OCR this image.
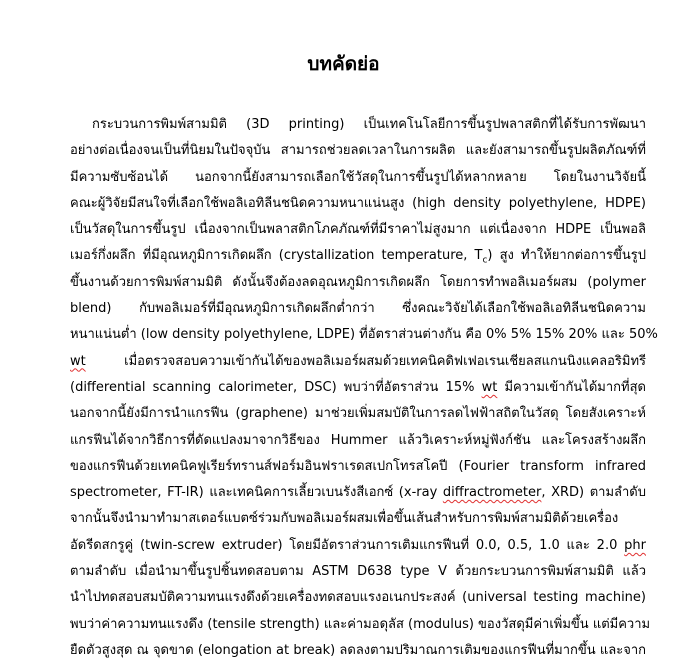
บทคัดย่อ
กระบวนการพิมพ์สามมิติ (3D printing) เป็นเทคโนโลยีการขึ้นรูปพลาสติกที่ได้รับการพัฒนา
อย่างต่อเนื่องจนเป็นที่นิยมในปัจจุบัน สามารถช่วยลดเวลาในการผลิต และยังสามารถขึ้นรูปผลิตภัณฑ์ที่
มีความซับซ้อนได้ นอกจากนี้ยังสามารถเลือกใช้วัสดุในการขึ้นรูปได้หลากหลาย โดยในงานวิจัยนี้
คณะผู้วิจัยมีสนใจที่เลือกใช้พอลิเอทิลีนชนิดความหนาแน่นสูง (high density polyethylene, HDPE)
เป็นวัสดุในการขึ้นรูป เนื่องจากเป็นพลาสติกโภคภัณฑ์ที่มีราคาไม่สูงมาก แต่เนื่องจาก HDPE เป็นพอลิ
เมอร์กึ่งผลึก ที่มีอุณหภูมิการเกิดผลึก (crystallization temperature, $T_c$) สูง ทำให้ยากต่อการขึ้นรูป
ขึ้นงานด้วยการพิมพ์สามมิติ ดังนั้นจึงต้องลดอุณหภูมิการเกิดผลึก โดยการทำพอลิเมอร์ผสม (polymer
blend) กับพอลิเมอร์ที่มีอุณหภูมิการเกิดผลึกต่ำกว่า ซึ่งคณะวิจัยได้เลือกใช้พอลิเอทิลีนชนิดความ
หนาแน่นต่ำ (low density polyethylene, LDPE) ที่อัตราส่วนต่างกัน คือ 0% 5% 15% 20% และ 50%
wt	เมื่อตรวจสอบความเข้ากันได้ของพอลิเมอร์ผสมด้วยเทคนิคดิฟเฟอเรนเชียลสแกนนิงแคลอริมิทรี
(differential scanning calorimeter, DSC) พบว่าที่อัตราส่วน 15% wt มีความเข้ากันได้มากที่สุด
นอกจากนี้ยังมีการนำแกรฟีน (graphene) มาช่วยเพิ่มสมบัติในการลดไฟฟ้าสถิตในวัสดุ โดยสังเคราะห์
แกรฟีนได้จากวิธีการที่ดัดแปลงมาจากวิธีของ Hummer แล้ววิเคราะห์หมู่ฟังก์ชัน และโครงสร้างผลึก
ของแกรฟีนด้วยเทคนิคฟูเรียร์ทรานส์ฟอร์มอินฟราเรดสเปกโทรสโคปี (Fourier transform infrared
spectrometer, FT-IR) และเทคนิคการเลี้ยวเบนรังสีเอกซ์ (x-ray diffractrometer, XRD) ตามลำดับ
จากนั้นจึงนำมาทำมาสเตอร์แบตซ์ร่วมกับพอลิเมอร์ผสมเพื่อขึ้นเส้นสำหรับการพิมพ์สามมิติด้วยเครื่อง
อัดรีดสกรูคู่ (twin-screw extruder) โดยมีอัตราส่วนการเติมแกรฟีนที่ 0.0, 0.5, 1.0 และ 2.0 phr
ตามลำดับ เมื่อนำมาขึ้นรูปชิ้นทดสอบตาม ASTM D638 type V ด้วยกระบวนการพิมพ์สามมิติ แล้ว
นำไปทดสอบสมบัติความทนแรงดึงด้วยเครื่องทดสอบแรงอเนกประสงค์ (universal testing machine)
พบว่าค่าความทนแรงดึง (tensile strength) และค่ามอดุลัส (modulus) ของวัสดุมีค่าเพิ่มขึ้น แต่มีความ
ยืดตัวสูงสุด ณ จุดขาด (elongation at break) ลดลงตามปริมาณการเติมของแกรฟีนที่มากขึ้น และจาก
